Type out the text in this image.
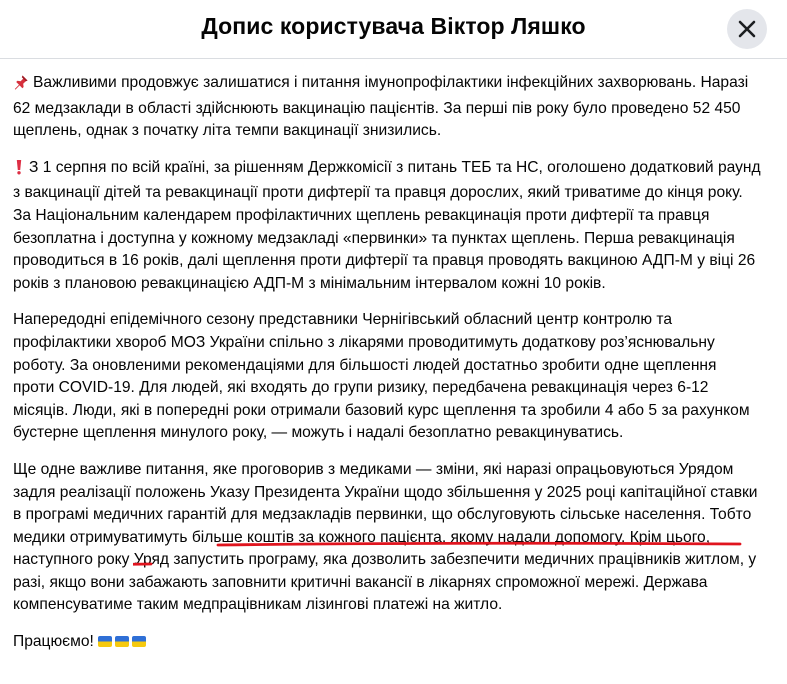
Допис користувача Віктор Ляшко

Важливими продовжує залишатися і питання імунопрофілактики інфекційних захворювань. Наразі 62 медзаклади в області здійснюють вакцинацію пацієнтів. За перші пів року було проведено 52 450 щеплень, однак з початку літа темпи вакцинації знизились.

З 1 серпня по всій країні, за рішенням Держкомісії з питань ТЕБ та НС, оголошено додатковий раунд з вакцинації дітей та ревакцинації проти дифтерії та правця дорослих, який триватиме до кінця року. За Національним календарем профілактичних щеплень ревакцинація проти дифтерії та правця безоплатна і доступна у кожному медзакладі «первинки» та пунктах щеплень. Перша ревакцинація проводиться в 16 років, далі щеплення проти дифтерії та правця проводять вакциною АДП-М у віці 26 років з плановою ревакцинацією АДП-М з мінімальним інтервалом кожні 10 років.

Напередодні епідемічного сезону представники Чернігівський обласний центр контролю та профілактики хвороб МОЗ України спільно з лікарями проводитимуть додаткову роз’яснювальну роботу. За оновленими рекомендаціями для більшості людей достатньо зробити одне щеплення проти COVID-19. Для людей, які входять до групи ризику, передбачена ревакцинація через 6-12 місяців. Люди, які в попередні роки отримали базовий курс щеплення та зробили 4 або 5 за рахунком бустерне щеплення минулого року, — можуть і надалі безоплатно ревакцинуватись.

Ще одне важливе питання, яке проговорив з медиками — зміни, які наразі опрацьовуються Урядом задля реалізації положень Указу Президента України щодо збільшення у 2025 році капітаційної ставки в програмі медичних гарантій для медзакладів первинки, що обслуговують сільське населення. Тобто медики отримуватимуть більше коштів за кожного пацієнта, якому надали допомогу. Крім цього, наступного року Уряд запустить програму, яка дозволить забезпечити медичних працівників житлом, у разі, якщо вони забажають заповнити критичні вакансії в лікарнях спроможної мережі. Держава компенсуватиме таким медпрацівникам лізингові платежі на житло.

Працюємо!
